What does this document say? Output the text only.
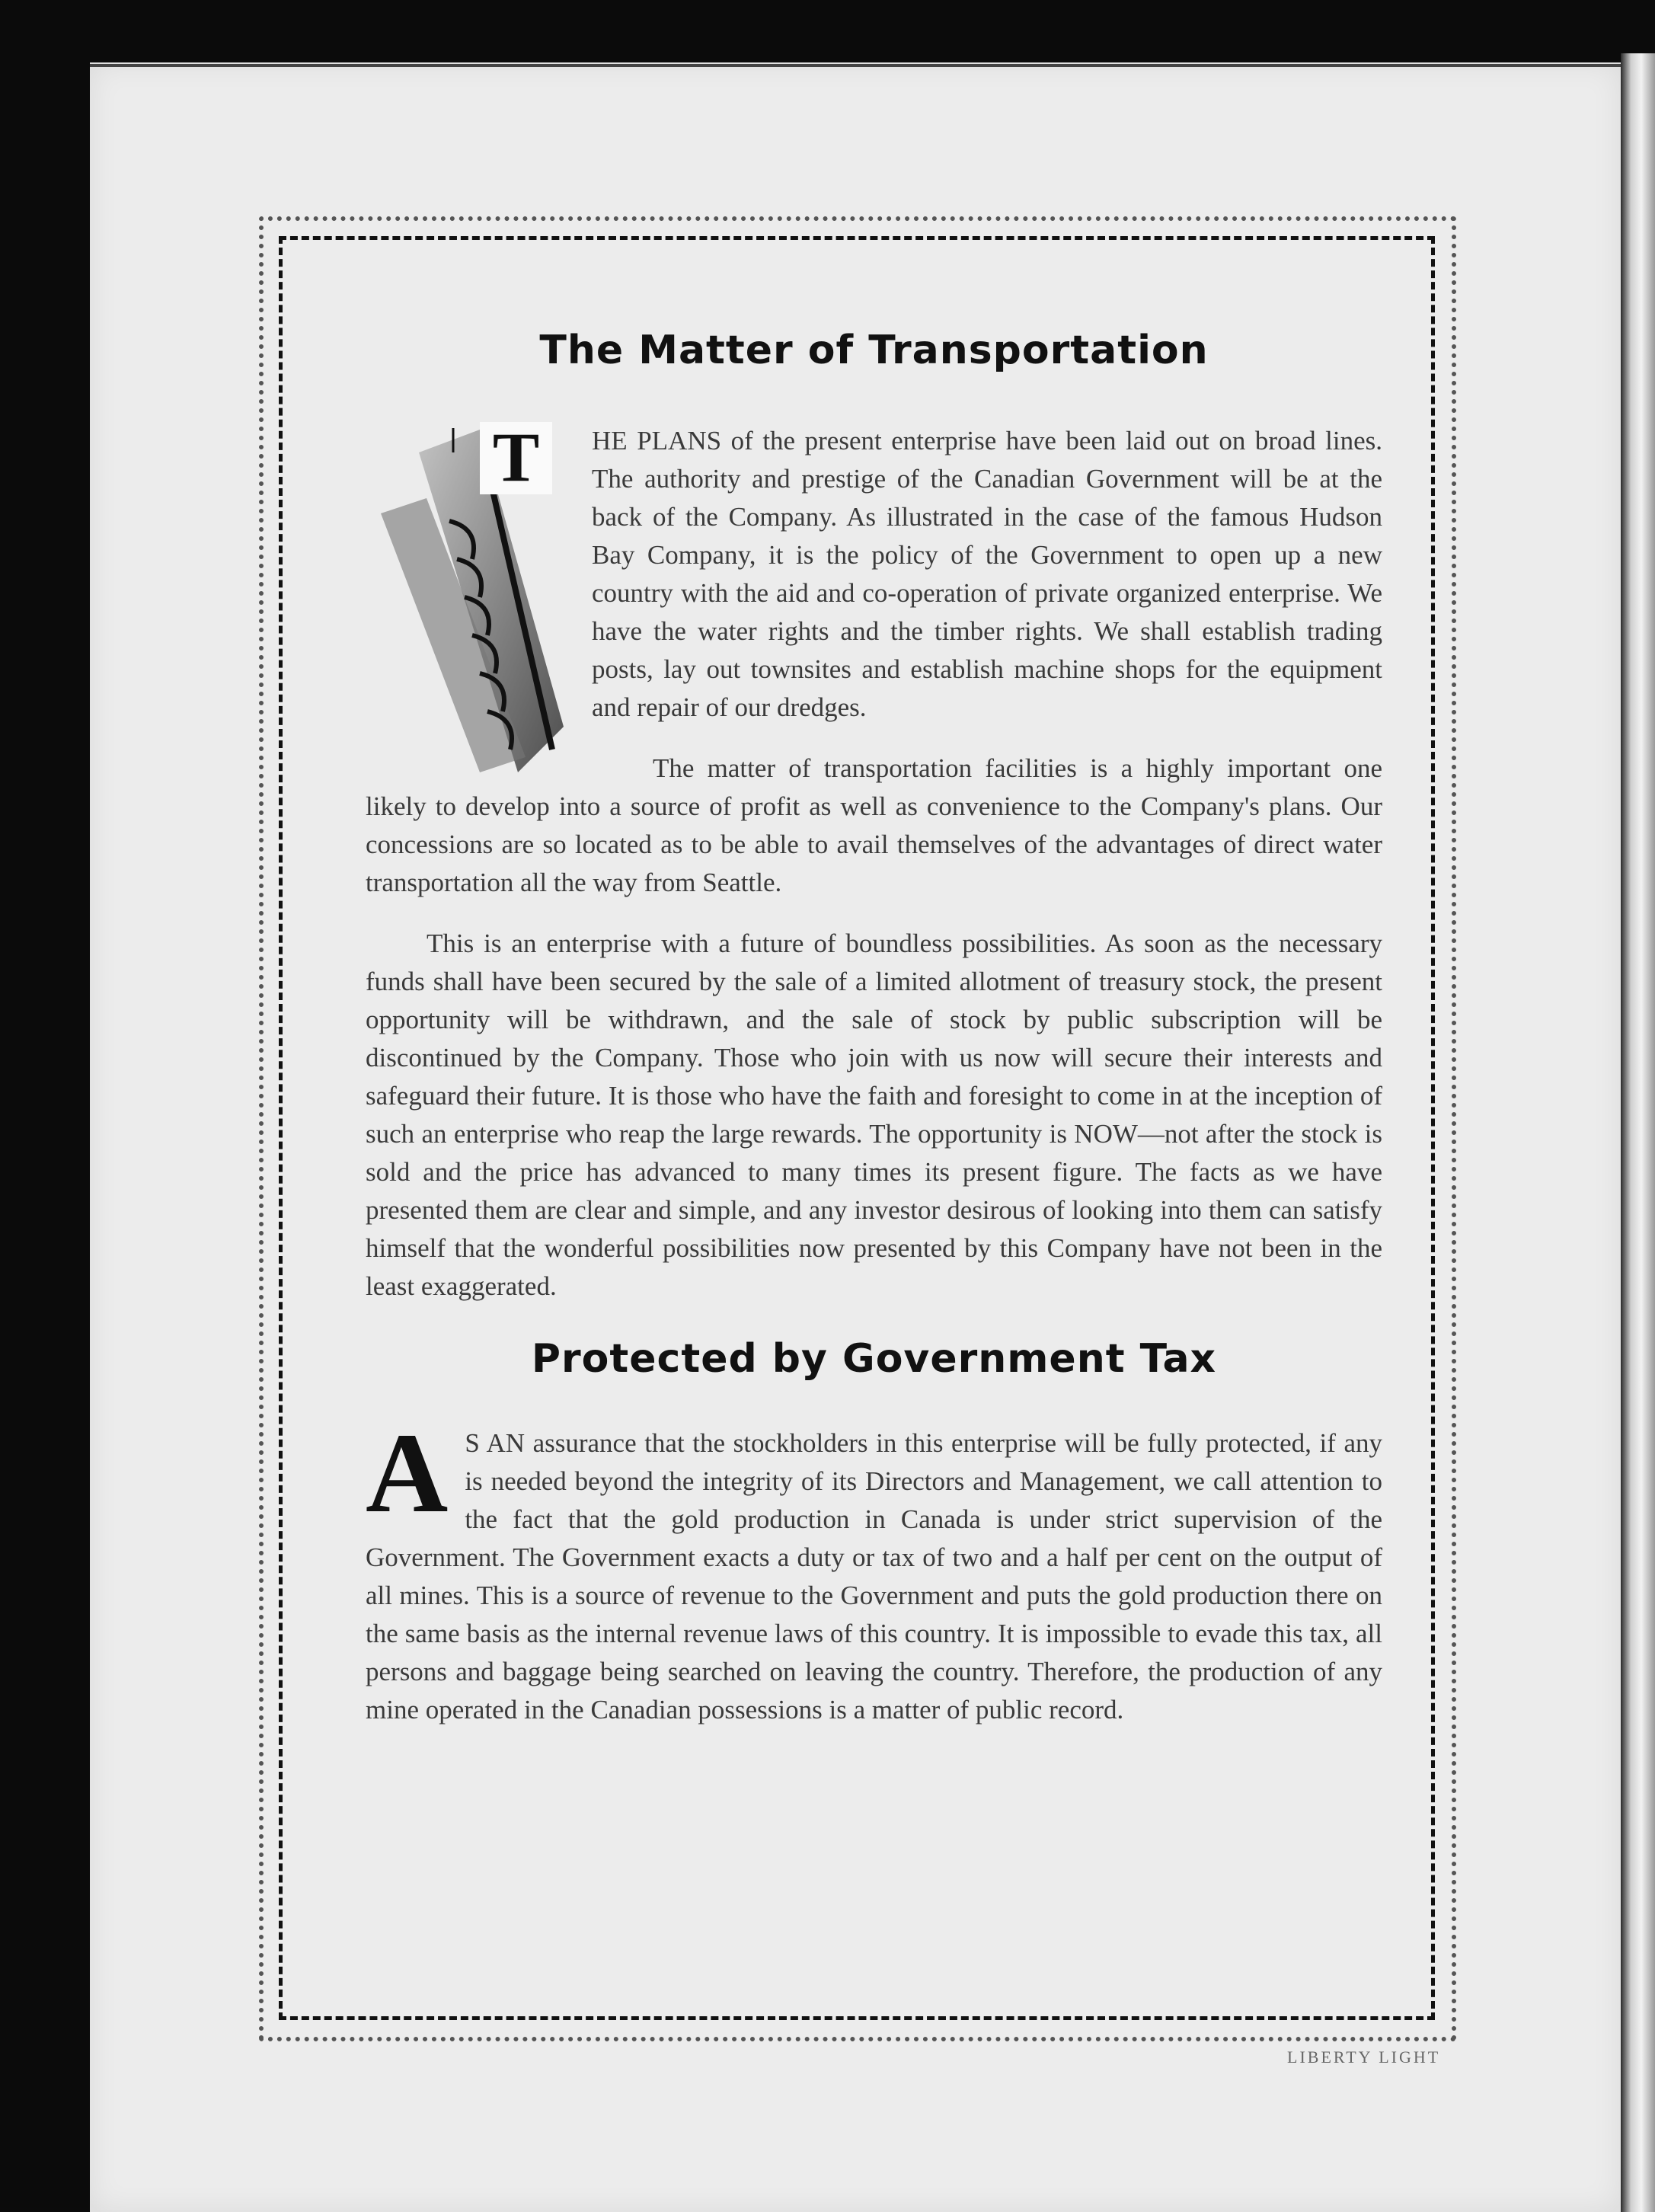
The Matter of Transportation
T	HE PLANS of the present enterprise have been laid out on broad lines. The authority and prestige of the Canadian Government will be at the back of the Company. As illustrated in the case of the famous Hudson Bay Company, it is the policy of the Government to open up a new country with the aid and co-operation of private organized enterprise. We have the water rights and the timber rights. We shall establish trading posts, lay out townsites and establish machine shops for the equipment and repair of our dredges.

The matter of transportation facilities is a highly important one likely to develop into a source of profit as well as convenience to the Company's plans. Our concessions are so located as to be able to avail themselves of the advantages of direct water transportation all the way from Seattle.

This is an enterprise with a future of boundless possibilities. As soon as the necessary funds shall have been secured by the sale of a limited allotment of treasury stock, the present opportunity will be withdrawn, and the sale of stock by public subscription will be discontinued by the Company. Those who join with us now will secure their interests and safeguard their future. It is those who have the faith and foresight to come in at the inception of such an enterprise who reap the large rewards. The opportunity is NOW—not after the stock is sold and the price has advanced to many times its present figure. The facts as we have presented them are clear and simple, and any investor desirous of looking into them can satisfy himself that the wonderful possibilities now presented by this Company have not been in the least exaggerated.

Protected by Government Tax
A S AN assurance that the stockholders in this enterprise will be fully protected, if any is needed beyond the integrity of its Directors and Management, we call attention to the fact that the gold production in Canada is under strict supervision of the Government. The Government exacts a duty or tax of two and a half per cent on the output of all mines. This is a source of revenue to the Government and puts the gold production there on the same basis as the internal revenue laws of this country. It is impossible to evade this tax, all persons and baggage being searched on leaving the country. Therefore, the production of any mine operated in the Canadian possessions is a matter of public record.

LIBERTY LIGHT
